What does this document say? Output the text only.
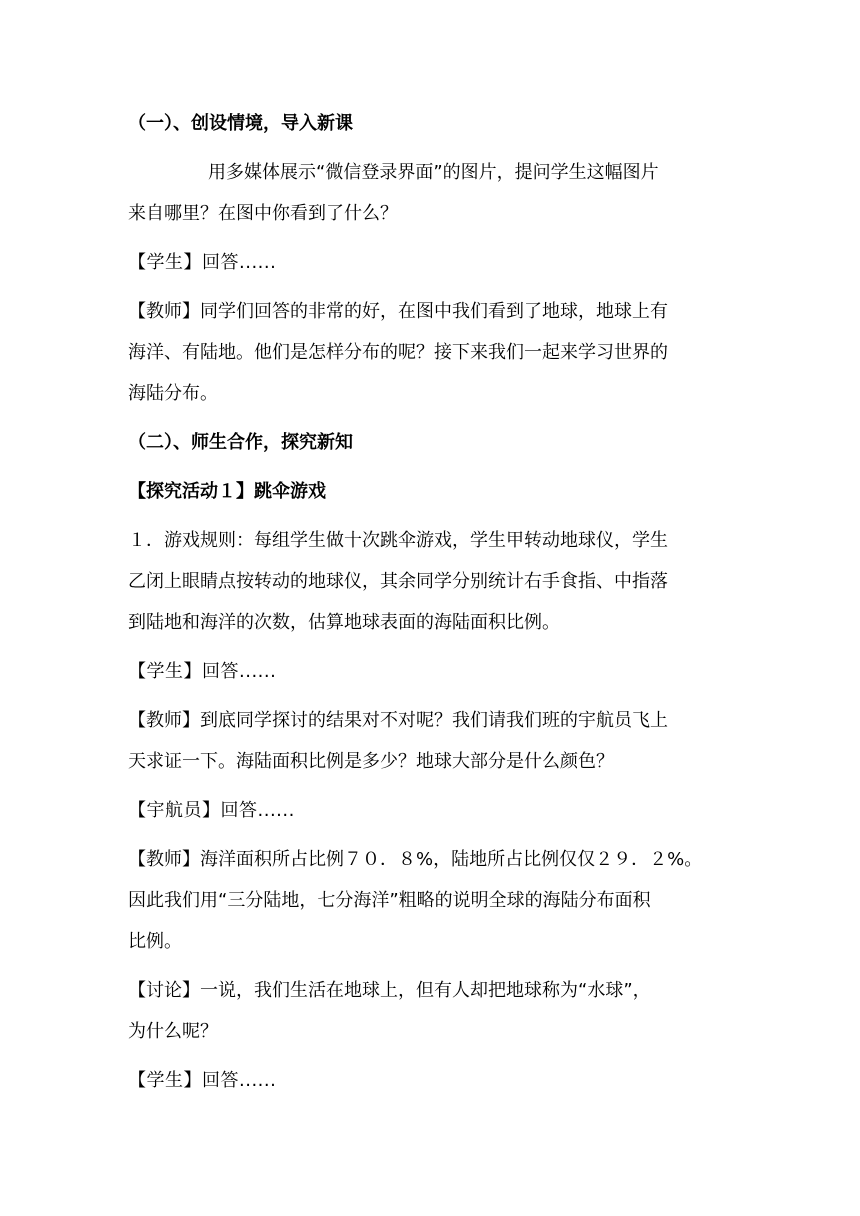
（一）、创设情境，导入新课

用多媒体展示“微信登录界面”的图片，提问学生这幅图片

来自哪里？在图中你看到了什么？

【学生】回答......

【教师】同学们回答的非常的好，在图中我们看到了地球，地球上有

海洋、有陆地。他们是怎样分布的呢？接下来我们一起来学习世界的

海陆分布。

（二）、师生合作，探究新知

【探究活动１】跳伞游戏

１．游戏规则：每组学生做十次跳伞游戏，学生甲转动地球仪，学生

乙闭上眼睛点按转动的地球仪，其余同学分别统计右手食指、中指落

到陆地和海洋的次数，估算地球表面的海陆面积比例。

【学生】回答......

【教师】到底同学探讨的结果对不对呢？我们请我们班的宇航员飞上

天求证一下。海陆面积比例是多少？地球大部分是什么颜色？

【宇航员】回答......

【教师】海洋面积所占比例７０．８%，陆地所占比例仅仅２９．２%。

因此我们用“三分陆地，七分海洋”粗略的说明全球的海陆分布面积

比例。

【讨论】一说，我们生活在地球上，但有人却把地球称为“水球”，

为什么呢？

【学生】回答......
